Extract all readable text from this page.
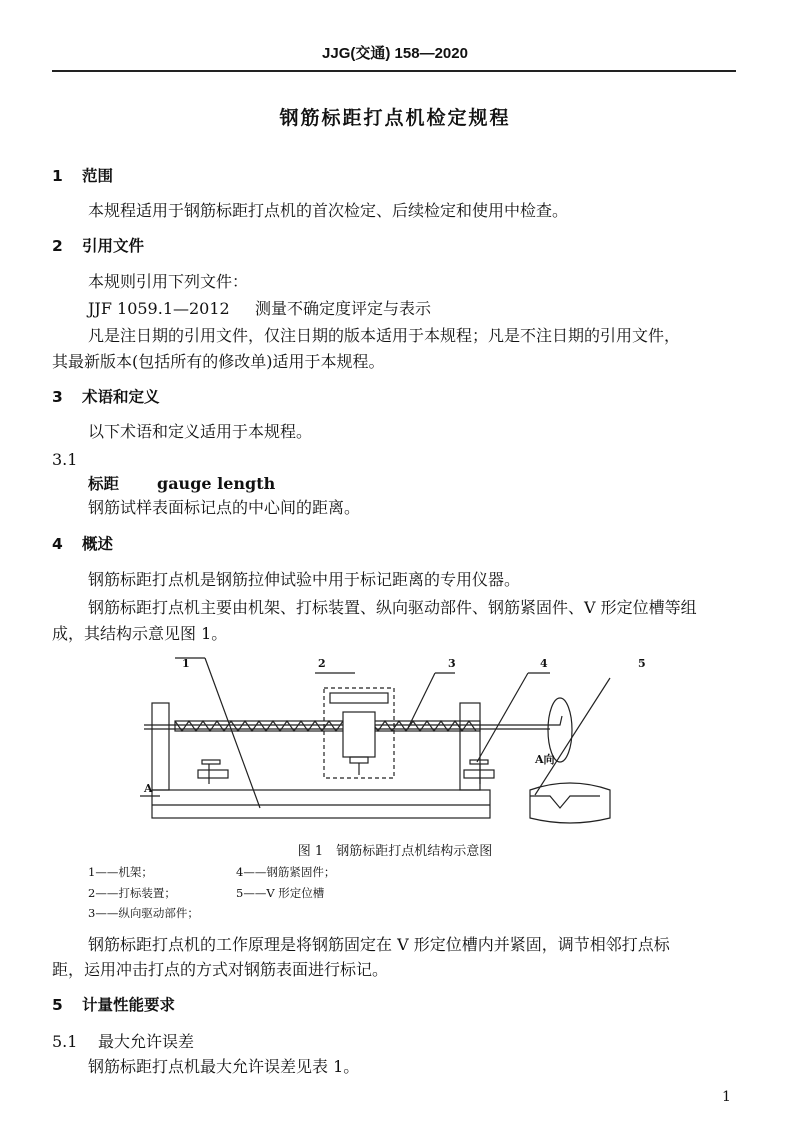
JJG(交通) 158—2020
钢筋标距打点机检定规程
1 范围
本规程适用于钢筋标距打点机的首次检定、后续检定和使用中检查。
2 引用文件
本规则引用下列文件：
JJF 1059.1—2012 测量不确定度评定与表示
凡是注日期的引用文件，仅注日期的版本适用于本规程；凡是不注日期的引用文件，
其最新版本(包括所有的修改单)适用于本规程。
3 术语和定义
以下术语和定义适用于本规程。
3.1
标距 gauge length
钢筋试样表面标记点的中心间的距离。
4 概述
钢筋标距打点机是钢筋拉伸试验中用于标记距离的专用仪器。
钢筋标距打点机主要由机架、打标装置、纵向驱动部件、钢筋紧固件、V 形定位槽等组
成，其结构示意见图 1。
1	2	3	4	5
A
A向
图 1　钢筋标距打点机结构示意图
1——机架；
2——打标装置；
3——纵向驱动部件；
4——钢筋紧固件；
5——V 形定位槽
钢筋标距打点机的工作原理是将钢筋固定在 V 形定位槽内并紧固，调节相邻打点标
距，运用冲击打点的方式对钢筋表面进行标记。
5 计量性能要求
5.1 最大允许误差
钢筋标距打点机最大允许误差见表 1。
1
